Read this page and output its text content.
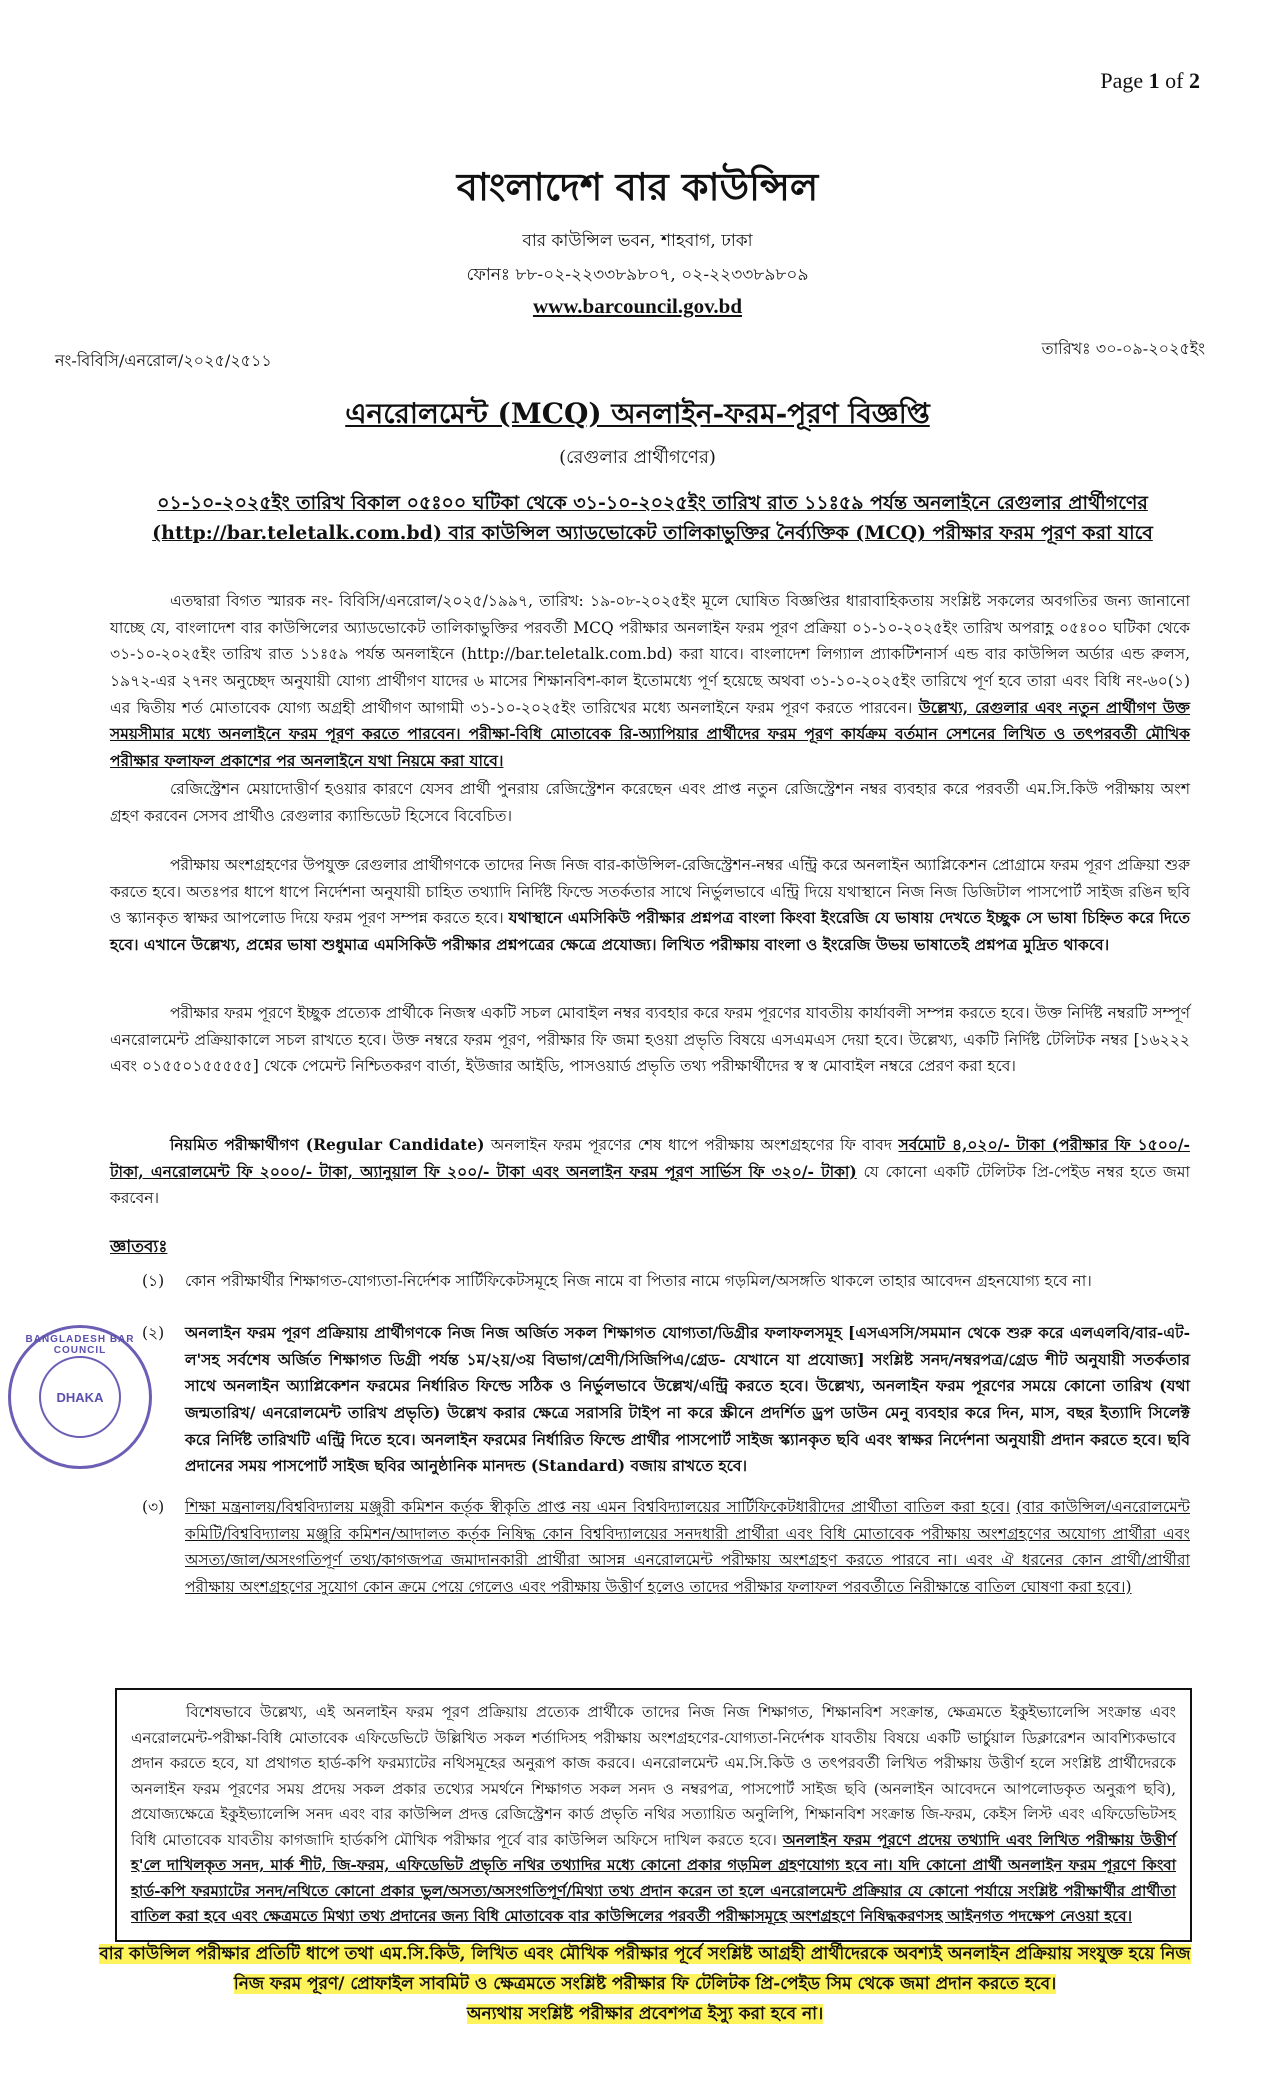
Page 1 of 2
বাংলাদেশ বার কাউন্সিল
বার কাউন্সিল ভবন, শাহবাগ, ঢাকা
ফোনঃ ৮৮-০২-২২৩৩৮৯৮০৭, ০২-২২৩৩৮৯৮০৯
www.barcouncil.gov.bd
নং-বিবিসি/এনরোল/২০২৫/২৫১১
তারিখঃ ৩০-০৯-২০২৫ইং
এনরোলমেন্ট (MCQ) অনলাইন-ফরম-পূরণ বিজ্ঞপ্তি
(রেগুলার প্রার্থীগণের)
০১-১০-২০২৫ইং তারিখ বিকাল ০৫ঃ০০ ঘটিকা থেকে ৩১-১০-২০২৫ইং তারিখ রাত ১১ঃ৫৯ পর্যন্ত অনলাইনে রেগুলার প্রার্থীগণের (http://bar.teletalk.com.bd) বার কাউন্সিল অ্যাডভোকেট তালিকাভুক্তির নৈর্ব্যক্তিক (MCQ) পরীক্ষার ফরম পূরণ করা যাবে

এতদ্বারা বিগত স্মারক নং- বিবিসি/এনরোল/২০২৫/১৯৯৭, তারিখ: ১৯-০৮-২০২৫ইং মূলে ঘোষিত বিজ্ঞপ্তির ধারাবাহিকতায় সংশ্লিষ্ট সকলের অবগতির জন্য জানানো যাচ্ছে যে, বাংলাদেশ বার কাউন্সিলের অ্যাডভোকেট তালিকাভুক্তির পরবর্তী MCQ পরীক্ষার অনলাইন ফরম পূরণ প্রক্রিয়া ০১-১০-২০২৫ইং তারিখ অপরাহ্ণ ০৫ঃ০০ ঘটিকা থেকে ৩১-১০-২০২৫ইং তারিখ রাত ১১ঃ৫৯ পর্যন্ত অনলাইনে (http://bar.teletalk.com.bd) করা যাবে। বাংলাদেশ লিগ্যাল প্র্যাকটিশনার্স এন্ড বার কাউন্সিল অর্ডার এন্ড রুলস, ১৯৭২-এর ২৭নং অনুচ্ছেদ অনুযায়ী যোগ্য প্রার্থীগণ যাদের ৬ মাসের শিক্ষানবিশ-কাল ইতোমধ্যে পূর্ণ হয়েছে অথবা ৩১-১০-২০২৫ইং তারিখে পূর্ণ হবে তারা এবং বিধি নং-৬০(১) এর দ্বিতীয় শর্ত মোতাবেক যোগ্য অগ্রহী প্রার্থীগণ আগামী ৩১-১০-২০২৫ইং তারিখের মধ্যে অনলাইনে ফরম পূরণ করতে পারবেন। উল্লেখ্য, রেগুলার এবং নতুন প্রার্থীগণ উক্ত সময়সীমার মধ্যে অনলাইনে ফরম পূরণ করতে পারবেন। পরীক্ষা-বিধি মোতাবেক রি-অ্যাপিয়ার প্রার্থীদের ফরম পূরণ কার্যক্রম বর্তমান সেশনের লিখিত ও তৎপরবর্তী মৌখিক পরীক্ষার ফলাফল প্রকাশের পর অনলাইনে যথা নিয়মে করা যাবে।

রেজিস্ট্রেশন মেয়াদোত্তীর্ণ হওয়ার কারণে যেসব প্রার্থী পুনরায় রেজিস্ট্রেশন করেছেন এবং প্রাপ্ত নতুন রেজিস্ট্রেশন নম্বর ব্যবহার করে পরবর্তী এম.সি.কিউ পরীক্ষায় অংশ গ্রহণ করবেন সেসব প্রার্থীও রেগুলার ক্যান্ডিডেট হিসেবে বিবেচিত।

পরীক্ষায় অংশগ্রহণের উপযুক্ত রেগুলার প্রার্থীগণকে তাদের নিজ নিজ বার-কাউন্সিল-রেজিস্ট্রেশন-নম্বর এন্ট্রি করে অনলাইন অ্যাপ্লিকেশন প্রোগ্রামে ফরম পূরণ প্রক্রিয়া শুরু করতে হবে। অতঃপর ধাপে ধাপে নির্দেশনা অনুযায়ী চাহিত তথ্যাদি নির্দিষ্ট ফিল্ডে সতর্কতার সাথে নির্ভুলভাবে এন্ট্রি দিয়ে যথাস্থানে নিজ নিজ ডিজিটাল পাসপোর্ট সাইজ রঙিন ছবি ও স্ক্যানকৃত স্বাক্ষর আপলোড দিয়ে ফরম পূরণ সম্পন্ন করতে হবে। যথাস্থানে এমসিকিউ পরীক্ষার প্রশ্নপত্র বাংলা কিংবা ইংরেজি যে ভাষায় দেখতে ইচ্ছুক সে ভাষা চিহ্নিত করে দিতে হবে। এখানে উল্লেখ্য, প্রশ্নের ভাষা শুধুমাত্র এমসিকিউ পরীক্ষার প্রশ্নপত্রের ক্ষেত্রে প্রযোজ্য। লিখিত পরীক্ষায় বাংলা ও ইংরেজি উভয় ভাষাতেই প্রশ্নপত্র মুদ্রিত থাকবে।

পরীক্ষার ফরম পূরণে ইচ্ছুক প্রত্যেক প্রার্থীকে নিজস্ব একটি সচল মোবাইল নম্বর ব্যবহার করে ফরম পূরণের যাবতীয় কার্যাবলী সম্পন্ন করতে হবে। উক্ত নির্দিষ্ট নম্বরটি সম্পূর্ণ এনরোলমেন্ট প্রক্রিয়াকালে সচল রাখতে হবে। উক্ত নম্বরে ফরম পূরণ, পরীক্ষার ফি জমা হওয়া প্রভৃতি বিষয়ে এসএমএস দেয়া হবে। উল্লেখ্য, একটি নির্দিষ্ট টেলিটক নম্বর [১৬২২২ এবং ০১৫৫০১৫৫৫৫৫] থেকে পেমেন্ট নিশ্চিতকরণ বার্তা, ইউজার আইডি, পাসওয়ার্ড প্রভৃতি তথ্য পরীক্ষার্থীদের স্ব স্ব মোবাইল নম্বরে প্রেরণ করা হবে।

নিয়মিত পরীক্ষার্থীগণ (Regular Candidate) অনলাইন ফরম পূরণের শেষ ধাপে পরীক্ষায় অংশগ্রহণের ফি বাবদ সর্বমোট ৪,০২০/- টাকা (পরীক্ষার ফি ১৫০০/- টাকা, এনরোলমেন্ট ফি ২০০০/- টাকা, অ্যানুয়াল ফি ২০০/- টাকা এবং অনলাইন ফরম পূরণ সার্ভিস ফি ৩২০/- টাকা) যে কোনো একটি টেলিটক প্রি-পেইড নম্বর হতে জমা করবেন।

জ্ঞাতব্যঃ
(১) কোন পরীক্ষার্থীর শিক্ষাগত-যোগ্যতা-নির্দেশক সার্টিফিকেটসমূহে নিজ নামে বা পিতার নামে গড়মিল/অসঙ্গতি থাকলে তাহার আবেদন গ্রহনযোগ্য হবে না।
(২) অনলাইন ফরম পূরণ প্রক্রিয়ায় প্রার্থীগণকে নিজ নিজ অর্জিত সকল শিক্ষাগত যোগ্যতা/ডিগ্রীর ফলাফলসমূহ [এসএসসি/সমমান থেকে শুরু করে এলএলবি/বার-এট-ল'সহ সর্বশেষ অর্জিত শিক্ষাগত ডিগ্রী পর্যন্ত ১ম/২য়/৩য় বিভাগ/শ্রেণী/সিজিপিএ/গ্রেড- যেখানে যা প্রযোজ্য] সংশ্লিষ্ট সনদ/নম্বরপত্র/গ্রেড শীট অনুযায়ী সতর্কতার সাথে অনলাইন অ্যাপ্লিকেশন ফরমের নির্ধারিত ফিল্ডে সঠিক ও নির্ভুলভাবে উল্লেখ/এন্ট্রি করতে হবে। উল্লেখ্য, অনলাইন ফরম পূরণের সময়ে কোনো তারিখ (যথা জন্মতারিখ/ এনরোলমেন্ট তারিখ প্রভৃতি) উল্লেখ করার ক্ষেত্রে সরাসরি টাইপ না করে স্ক্রীনে প্রদর্শিত ড্রপ ডাউন মেনু ব্যবহার করে দিন, মাস, বছর ইত্যাদি সিলেক্ট করে নির্দিষ্ট তারিখটি এন্ট্রি দিতে হবে। অনলাইন ফরমের নির্ধারিত ফিল্ডে প্রার্থীর পাসপোর্ট সাইজ স্ক্যানকৃত ছবি এবং স্বাক্ষর নির্দেশনা অনুযায়ী প্রদান করতে হবে। ছবি প্রদানের সময় পাসপোর্ট সাইজ ছবির আনুষ্ঠানিক মানদন্ড (Standard) বজায় রাখতে হবে।
BANGLADESH BAR COUNCIL
DHAKA
(৩) শিক্ষা মন্ত্রনালয়/বিশ্ববিদ্যালয় মঞ্জুরী কমিশন কর্তৃক স্বীকৃতি প্রাপ্ত নয় এমন বিশ্ববিদ্যালয়ের সার্টিফিকেটধারীদের প্রার্থীতা বাতিল করা হবে। (বার কাউন্সিল/এনরোলমেন্ট কমিটি/বিশ্ববিদ্যালয় মঞ্জুরি কমিশন/আদালত কর্তৃক নিষিদ্ধ কোন বিশ্ববিদ্যালয়ের সনদধারী প্রার্থীরা এবং বিধি মোতাবেক পরীক্ষায় অংশগ্রহণের অযোগ্য প্রার্থীরা এবং অসত্য/জাল/অসংগতিপূর্ণ তথ্য/কাগজপত্র জমাদানকারী প্রার্থীরা আসন্ন এনরোলমেন্ট পরীক্ষায় অংশগ্রহণ করতে পারবে না। এবং ঐ ধরনের কোন প্রার্থী/প্রার্থীরা পরীক্ষায় অংশগ্রহণের সুযোগ কোন ক্রমে পেয়ে গেলেও এবং পরীক্ষায় উত্তীর্ণ হলেও তাদের পরীক্ষার ফলাফল পরবর্তীতে নিরীক্ষান্তে বাতিল ঘোষণা করা হবে।)

বিশেষভাবে উল্লেখ্য, এই অনলাইন ফরম পূরণ প্রক্রিয়ায় প্রত্যেক প্রার্থীকে তাদের নিজ নিজ শিক্ষাগত, শিক্ষানবিশ সংক্রান্ত, ক্ষেত্রমতে ইকুইভ্যালেন্সি সংক্রান্ত এবং এনরোলমেন্ট-পরীক্ষা-বিধি মোতাবেক এফিডেভিটে উল্লিখিত সকল শর্তাদিসহ পরীক্ষায় অংশগ্রহণের-যোগ্যতা-নির্দেশক যাবতীয় বিষয়ে একটি ভার্চুয়াল ডিক্লারেশন আবশ্যিকভাবে প্রদান করতে হবে, যা প্রথাগত হার্ড-কপি ফরম্যাটের নথিসমূহের অনুরূপ কাজ করবে। এনরোলমেন্ট এম.সি.কিউ ও তৎপরবর্তী লিখিত পরীক্ষায় উত্তীর্ণ হলে সংশ্লিষ্ট প্রার্থীদেরকে অনলাইন ফরম পূরণের সময় প্রদেয় সকল প্রকার তথ্যের সমর্থনে শিক্ষাগত সকল সনদ ও নম্বরপত্র, পাসপোর্ট সাইজ ছবি (অনলাইন আবেদনে আপলোডকৃত অনুরূপ ছবি), প্রযোজ্যক্ষেত্রে ইকুইভ্যালেন্সি সনদ এবং বার কাউন্সিল প্রদত্ত রেজিস্ট্রেশন কার্ড প্রভৃতি নথির সত্যায়িত অনুলিপি, শিক্ষানবিশ সংক্রান্ত জি-ফরম, কেইস লিস্ট এবং এফিডেভিটসহ বিধি মোতাবেক যাবতীয় কাগজাদি হার্ডকপি মৌখিক পরীক্ষার পূর্বে বার কাউন্সিল অফিসে দাখিল করতে হবে। অনলাইন ফরম পূরণে প্রদেয় তথ্যাদি এবং লিখিত পরীক্ষায় উত্তীর্ণ হ'লে দাখিলকৃত সনদ, মার্ক শীট, জি-ফরম, এফিডেভিট প্রভৃতি নথির তথ্যাদির মধ্যে কোনো প্রকার গড়মিল গ্রহণযোগ্য হবে না। যদি কোনো প্রার্থী অনলাইন ফরম পূরণে কিংবা হার্ড-কপি ফরম্যাটের সনদ/নথিতে কোনো প্রকার ভুল/অসত্য/অসংগতিপূর্ণ/মিথ্যা তথ্য প্রদান করেন তা হলে এনরোলমেন্ট প্রক্রিয়ার যে কোনো পর্যায়ে সংশ্লিষ্ট পরীক্ষার্থীর প্রার্থীতা বাতিল করা হবে এবং ক্ষেত্রমতে মিথ্যা তথ্য প্রদানের জন্য বিধি মোতাবেক বার কাউন্সিলের পরবর্তী পরীক্ষাসমূহে অংশগ্রহণে নিষিদ্ধকরণসহ আইনগত পদক্ষেপ নেওয়া হবে।

বার কাউন্সিল পরীক্ষার প্রতিটি ধাপে তথা এম.সি.কিউ, লিখিত এবং মৌখিক পরীক্ষার পূর্বে সংশ্লিষ্ট আগ্রহী প্রার্থীদেরকে অবশ্যই অনলাইন প্রক্রিয়ায় সংযুক্ত হয়ে নিজ নিজ ফরম পূরণ/ প্রোফাইল সাবমিট ও ক্ষেত্রমতে সংশ্লিষ্ট পরীক্ষার ফি টেলিটক প্রি-পেইড সিম থেকে জমা প্রদান করতে হবে।
অন্যথায় সংশ্লিষ্ট পরীক্ষার প্রবেশপত্র ইস্যু করা হবে না।
